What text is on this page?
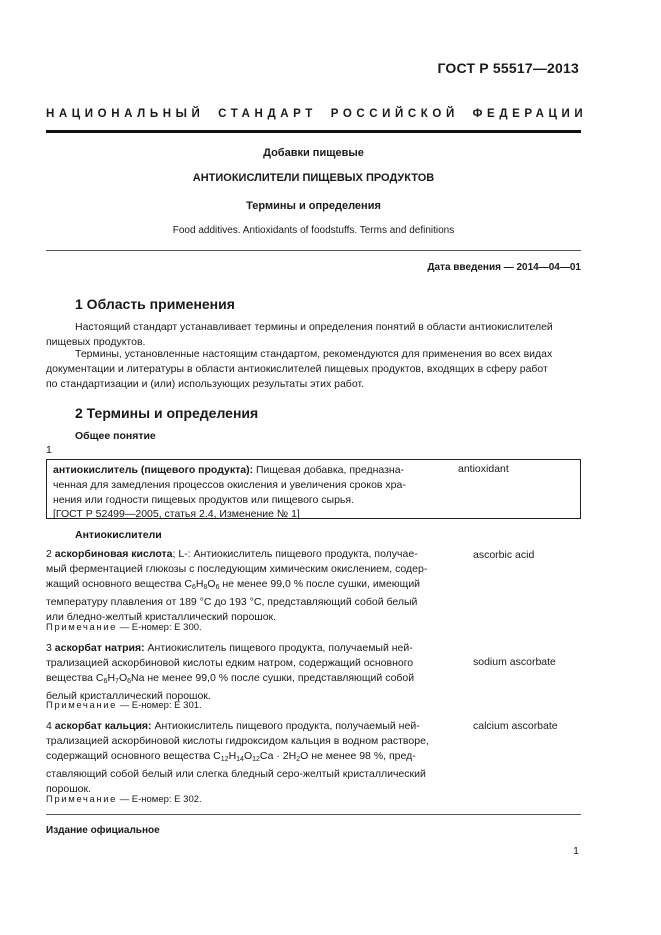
ГОСТ Р 55517—2013
НАЦИОНАЛЬНЫЙ СТАНДАРТ РОССИЙСКОЙ ФЕДЕРАЦИИ
Добавки пищевые
АНТИОКИСЛИТЕЛИ ПИЩЕВЫХ ПРОДУКТОВ
Термины и определения
Food additives. Antioxidants of foodstuffs. Terms and definitions
Дата введения — 2014—04—01
1 Область применения
Настоящий стандарт устанавливает термины и определения понятий в области антиокислителей
пищевых продуктов.
Термины, установленные настоящим стандартом, рекомендуются для применения во всех видах
документации и литературы в области антиокислителей пищевых продуктов, входящих в сферу работ
по стандартизации и (или) использующих результаты этих работ.
2 Термины и определения
Общее понятие
1
антиокислитель (пищевого продукта): Пищевая добавка, предназна-
ченная для замедления процессов окисления и увеличения сроков хра-
нения или годности пищевых продуктов или пищевого сырья.
[ГОСТ Р 52499—2005, статья 2.4, Изменение № 1]
antioxidant
Антиокислители
2 аскорбиновая кислота; L-: Антиокислитель пищевого продукта, получае-
мый ферментацией глюкозы с последующим химическим окислением, содер-
жащий основного вещества $С_6Н_8О_6$ не менее 99,0 % после сушки, имеющий
температуру плавления от 189 °С до 193 °С, представляющий собой белый
или бледно-желтый кристаллический порошок.
ascorbic acid
Примечание — Е-номер: Е 300.
3 аскорбат натрия: Антиокислитель пищевого продукта, получаемый ней-
трализацией аскорбиновой кислоты едким натром, содержащий основного
вещества $С_6Н_7О_6Na$ не менее 99,0 % после сушки, представляющий собой
белый кристаллический порошок.
sodium ascorbate
Примечание — Е-номер: Е 301.
4 аскорбат кальция: Антиокислитель пищевого продукта, получаемый ней-
трализацией аскорбиновой кислоты гидроксидом кальция в водном растворе,
содержащий основного вещества $С_{12}Н_{14}О_{12}Са \cdot 2Н_2О$ не менее 98 %, пред-
ставляющий собой белый или слегка бледный серо-желтый кристаллический
порошок.
calcium ascorbate
Примечание — Е-номер: Е 302.
Издание официальное
1
